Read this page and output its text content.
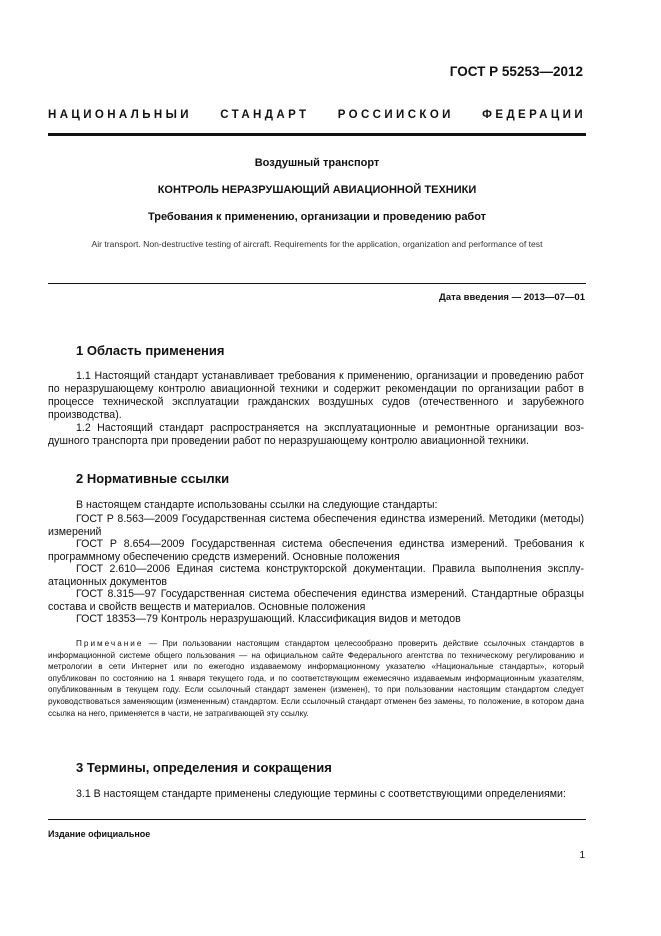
ГОСТ Р 55253—2012
НАЦИОНАЛЬНЫЙ СТАНДАРТ РОССИЙСКОЙ ФЕДЕРАЦИИ
Воздушный транспорт
КОНТРОЛЬ НЕРАЗРУШАЮЩИЙ АВИАЦИОННОЙ ТЕХНИКИ
Требования к применению, организации и проведению работ
Air transport. Non-destructive testing of aircraft. Requirements for the application, organization and performance of test
Дата введения — 2013—07—01
1 Область применения

1.1 Настоящий стандарт устанавливает требования к применению, организации и проведению работ по неразрушающему контролю авиационной техники и содержит рекомендации по организации работ в процессе технической эксплуатации гражданских воздушных судов (отечественного и зарубежного производства).

1.2 Настоящий стандарт распространяется на эксплуатационные и ремонтные организации воздушного транспорта при проведении работ по неразрушающему контролю авиационной техники.

2 Нормативные ссылки

В настоящем стандарте использованы ссылки на следующие стандарты:

ГОСТ Р 8.563—2009 Государственная система обеспечения единства измерений. Методики (методы) измерений

ГОСТ Р 8.654—2009 Государственная система обеспечения единства измерений. Требования к программному обеспечению средств измерений. Основные положения

ГОСТ 2.610—2006 Единая система конструкторской документации. Правила выполнения эксплуатационных документов

ГОСТ 8.315—97 Государственная система обеспечения единства измерений. Стандартные образцы состава и свойств веществ и материалов. Основные положения

ГОСТ 18353—79 Контроль неразрушающий. Классификация видов и методов

Примечание — При пользовании настоящим стандартом целесообразно проверить действие ссылочных стандартов в информационной системе общего пользования — на официальном сайте Федерального агентства по техническому регулированию и метрологии в сети Интернет или по ежегодно издаваемому информационному указателю «Национальные стандарты», который опубликован по состоянию на 1 января текущего года, и по соответствующим ежемесячно издаваемым информационным указателям, опубликованным в текущем году. Если ссылочный стандарт заменен (изменен), то при пользовании настоящим стандартом следует руководствоваться заменяющим (измененным) стандартом. Если ссылочный стандарт отменен без замены, то положение, в котором дана ссылка на него, применяется в части, не затрагивающей эту ссылку.

3 Термины, определения и сокращения

3.1 В настоящем стандарте применены следующие термины с соответствующими определениями:

Издание официальное
1
